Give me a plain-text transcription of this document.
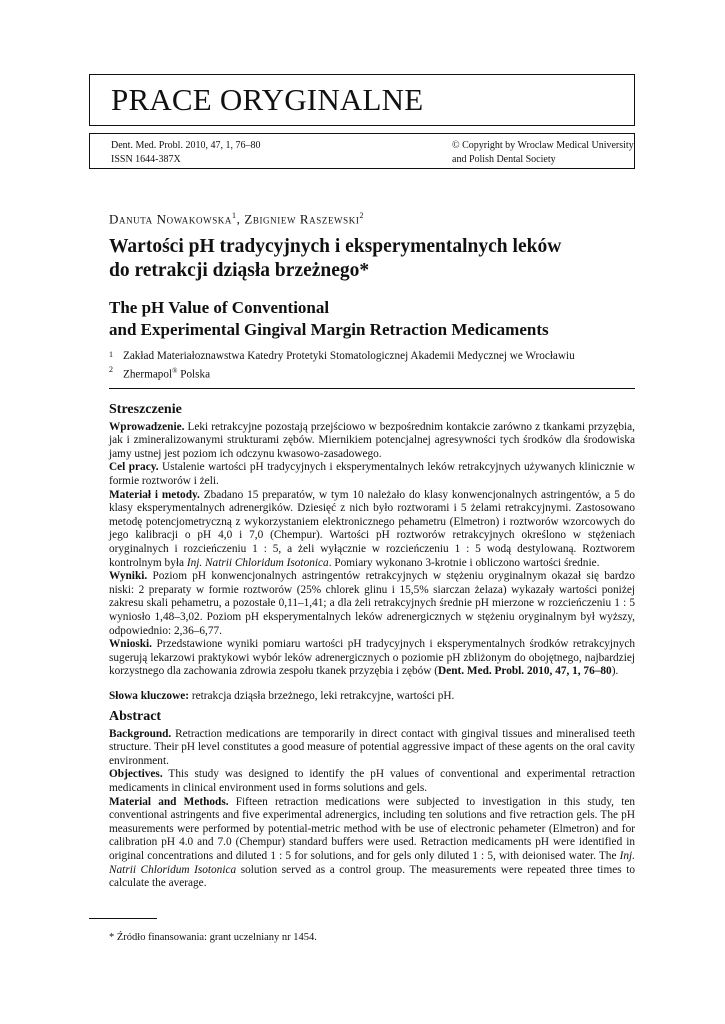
PRACE ORYGINALNE
Dent. Med. Probl. 2010, 47, 1, 76–80
ISSN 1644-387X
© Copyright by Wroclaw Medical University
and Polish Dental Society
Danuta Nowakowska$^1$, Zbigniew Raszewski$^2$
Wartości pH tradycyjnych i eksperymentalnych leków
do retrakcji dziąsła brzeżnego*
The pH Value of Conventional
and Experimental Gingival Margin Retraction Medicaments
1 Zakład Materiałoznawstwa Katedry Protetyki Stomatologicznej Akademii Medycznej we Wrocławiu
2 Zhermapol® Polska
Streszczenie

Wprowadzenie. Leki retrakcyjne pozostają przejściowo w bezpośrednim kontakcie zarówno z tkankami przyzębia, jak i zmineralizowanymi strukturami zębów. Miernikiem potencjalnej agresywności tych środków dla środowiska jamy ustnej jest poziom ich odczynu kwasowo-zasadowego.

Cel pracy. Ustalenie wartości pH tradycyjnych i eksperymentalnych leków retrakcyjnych używanych klinicznie w formie roztworów i żeli.

Materiał i metody. Zbadano 15 preparatów, w tym 10 należało do klasy konwencjonalnych astringentów, a 5 do klasy eksperymentalnych adrenergików. Dziesięć z nich było roztworami i 5 żelami retrakcyjnymi. Zastosowano metodę potencjometryczną z wykorzystaniem elektronicznego pehametru (Elmetron) i roztworów wzorcowych do jego kalibracji o pH 4,0 i 7,0 (Chempur). Wartości pH roztworów retrakcyjnych określono w stężeniach oryginalnych i rozcieńczeniu 1 : 5, a żeli wyłącznie w rozcieńczeniu 1 : 5 wodą destylowaną. Roztworem kontrolnym była Inj. Natrii Chloridum Isotonica. Pomiary wykonano 3-krotnie i obliczono wartości średnie.

Wyniki. Poziom pH konwencjonalnych astringentów retrakcyjnych w stężeniu oryginalnym okazał się bardzo niski: 2 preparaty w formie roztworów (25% chlorek glinu i 15,5% siarczan żelaza) wykazały wartości poniżej zakresu skali pehametru, a pozostałe 0,11–1,41; a dla żeli retrakcyjnych średnie pH mierzone w rozcieńczeniu 1 : 5 wyniosło 1,48–3,02. Poziom pH eksperymentalnych leków adrenergicznych w stężeniu oryginalnym był wyższy, odpowiednio: 2,36–6,77.

Wnioski. Przedstawione wyniki pomiaru wartości pH tradycyjnych i eksperymentalnych środków retrakcyjnych sugerują lekarzowi praktykowi wybór leków adrenergicznych o poziomie pH zbliżonym do obojętnego, najbardziej korzystnego dla zachowania zdrowia zespołu tkanek przyzębia i zębów (Dent. Med. Probl. 2010, 47, 1, 76–80).

Słowa kluczowe: retrakcja dziąsła brzeżnego, leki retrakcyjne, wartości pH.

Abstract

Background. Retraction medications are temporarily in direct contact with gingival tissues and mineralised teeth structure. Their pH level constitutes a good measure of potential aggressive impact of these agents on the oral cavity environment.

Objectives. This study was designed to identify the pH values of conventional and experimental retraction medicaments in clinical environment used in forms solutions and gels.

Material and Methods. Fifteen retraction medications were subjected to investigation in this study, ten conventional astringents and five experimental adrenergics, including ten solutions and five retraction gels. The pH measurements were performed by potential-metric method with be use of electronic pehameter (Elmetron) and for calibration pH 4.0 and 7.0 (Chempur) standard buffers were used. Retraction medicaments pH were identified in original concentrations and diluted 1 : 5 for solutions, and for gels only diluted 1 : 5, with deionised water. The Inj. Natrii Chloridum Isotonica solution served as a control group. The measurements were repeated three times to calculate the average.

* Źródło finansowania: grant uczelniany nr 1454.
